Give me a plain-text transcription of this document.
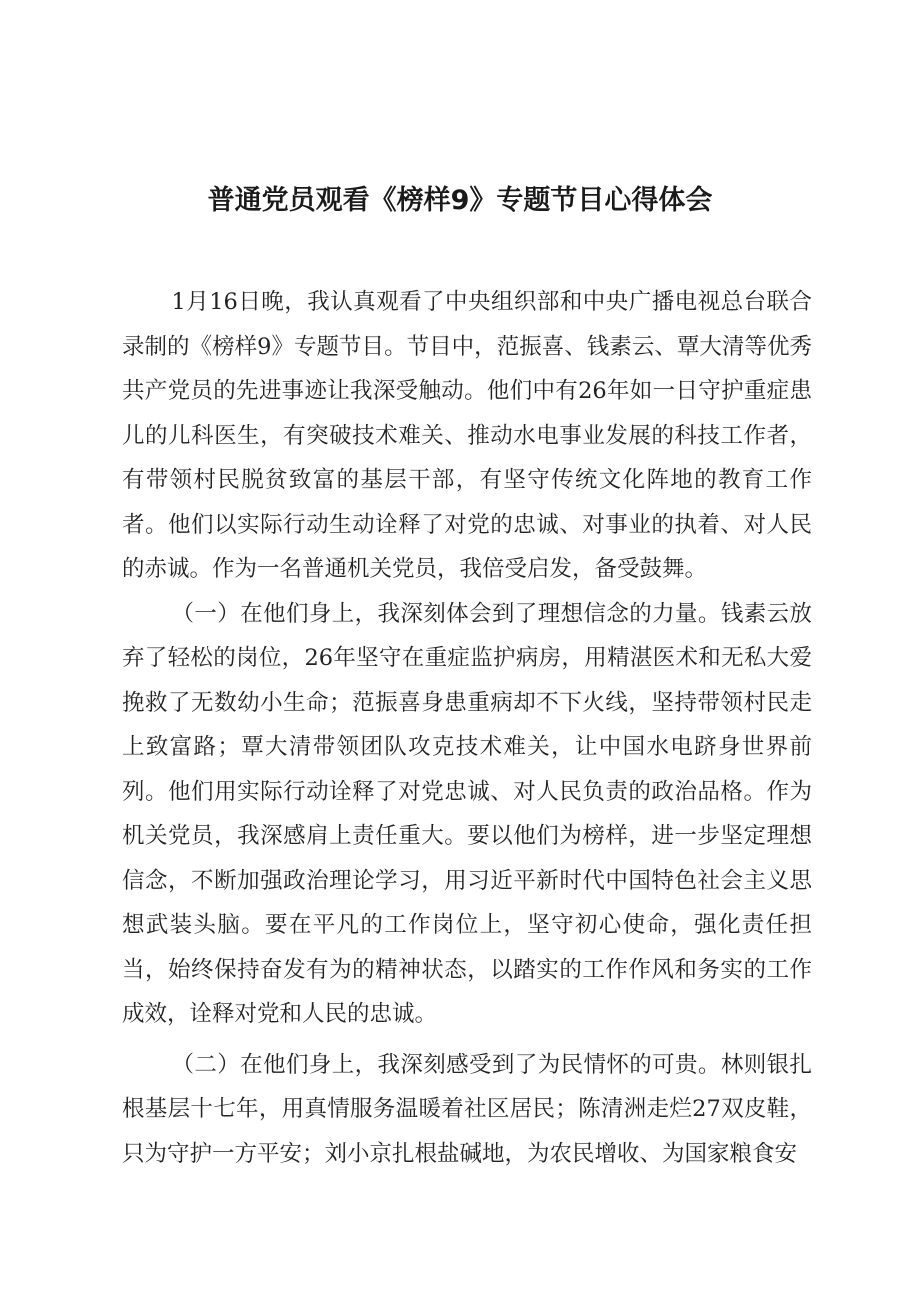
普通党员观看《榜样9》专题节目心得体会

1月16日晚，我认真观看了中央组织部和中央广播电视总台联合录制的《榜样9》专题节目。节目中，范振喜、钱素云、覃大清等优秀共产党员的先进事迹让我深受触动。他们中有26年如一日守护重症患儿的儿科医生，有突破技术难关、推动水电事业发展的科技工作者，有带领村民脱贫致富的基层干部，有坚守传统文化阵地的教育工作者。他们以实际行动生动诠释了对党的忠诚、对事业的执着、对人民的赤诚。作为一名普通机关党员，我倍受启发，备受鼓舞。

（一）在他们身上，我深刻体会到了理想信念的力量。钱素云放弃了轻松的岗位，26年坚守在重症监护病房，用精湛医术和无私大爱挽救了无数幼小生命；范振喜身患重病却不下火线，坚持带领村民走上致富路；覃大清带领团队攻克技术难关，让中国水电跻身世界前列。他们用实际行动诠释了对党忠诚、对人民负责的政治品格。作为机关党员，我深感肩上责任重大。要以他们为榜样，进一步坚定理想信念，不断加强政治理论学习，用习近平新时代中国特色社会主义思想武装头脑。要在平凡的工作岗位上，坚守初心使命，强化责任担当，始终保持奋发有为的精神状态，以踏实的工作作风和务实的工作成效，诠释对党和人民的忠诚。

（二）在他们身上，我深刻感受到了为民情怀的可贵。林则银扎根基层十七年，用真情服务温暖着社区居民；陈清洲走烂27双皮鞋，只为守护一方平安；刘小京扎根盐碱地，为农民增收、为国家粮食安
